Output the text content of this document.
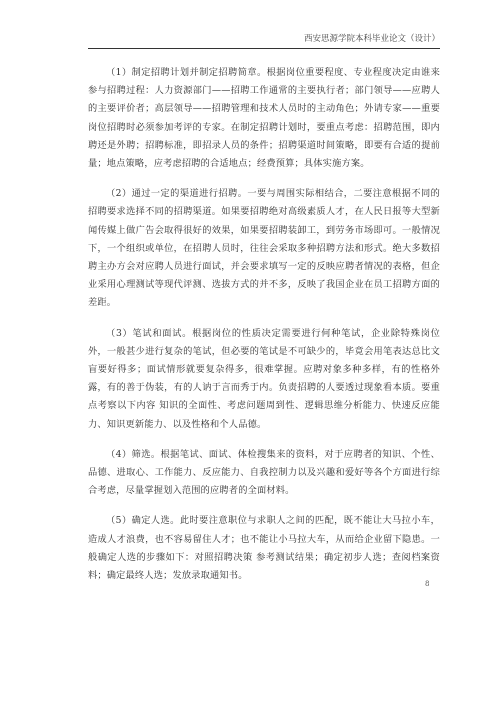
西安思源学院本科毕业论文（设计）

（1）制定招聘计划并制定招聘简章。根据岗位重要程度、专业程度决定由谁来参与招聘过程：人力资源部门——招聘工作通常的主要执行者；部门领导——应聘人的主要评价者；高层领导——招聘管理和技术人员时的主动角色；外请专家——重要岗位招聘时必须参加考评的专家。在制定招聘计划时，要重点考虑：招聘范围，即内聘还是外聘；招聘标准，即招录人员的条件；招聘渠道时间策略，即要有合适的提前量；地点策略，应考虑招聘的合适地点；经费预算；具体实施方案。

（2）通过一定的渠道进行招聘。一要与周围实际相结合，二要注意根据不同的招聘要求选择不同的招聘渠道。如果要招聘绝对高级素质人才，在人民日报等大型新闻传媒上做广告会取得很好的效果，如果要招聘装卸工，到劳务市场即可。一般情况下，一个组织或单位，在招聘人员时，往往会采取多种招聘方法和形式。绝大多数招聘主办方会对应聘人员进行面试，并会要求填写一定的反映应聘者情况的表格，但企业采用心理测试等现代评测、选拔方式的并不多，反映了我国企业在员工招聘方面的差距。

（3）笔试和面试。根据岗位的性质决定需要进行何种笔试，企业除特殊岗位外，一般甚少进行复杂的笔试，但必要的笔试是不可缺少的，毕竟会用笔表达总比文盲要好得多；面试情形就要复杂得多，很难掌握。应聘对象多种多样，有的性格外露，有的善于伪装，有的人讷于言而秀于内。负责招聘的人要透过现象看本质。要重点考察以下内容 知识的全面性、考虑问题周到性、逻辑思维分析能力、快速反应能力、知识更新能力、以及性格和个人品德。

（4）筛选。根据笔试、面试、体检搜集来的资料，对于应聘者的知识、个性、品德、进取心、工作能力、反应能力、自我控制力以及兴趣和爱好等各个方面进行综合考虑，尽量掌握划入范围的应聘者的全面材料。

（5）确定人选。此时要注意职位与求职人之间的匹配，既不能让大马拉小车，造成人才浪费，也不容易留住人才；也不能让小马拉大车，从而给企业留下隐患。一般确定人选的步骤如下：对照招聘决策 参考测试结果；确定初步人选；查阅档案资料；确定最终人选；发放录取通知书。

8
